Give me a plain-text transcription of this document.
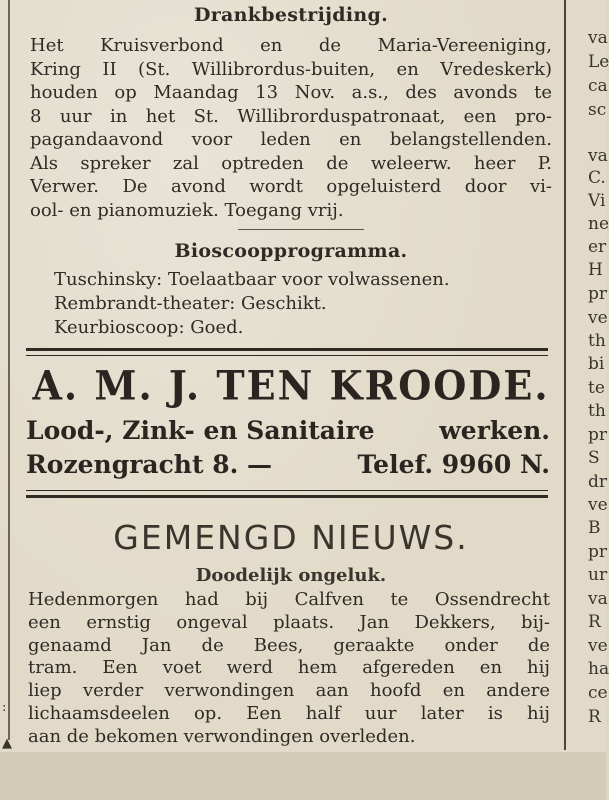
Drankbestrijding.
Het Kruisverbond en de Maria-Vereeniging,
Kring II (St. Willibrordus-buiten, en Vredeskerk)
houden op Maandag 13 Nov. a.s., des avonds te
8 uur in het St. Willibrorduspatronaat, een pro-
pagandaavond voor leden en belangstellenden.
Als spreker zal optreden de weleerw. heer P.
Verwer. De avond wordt opgeluisterd door vi-
ool- en pianomuziek. Toegang vrij.
Bioscoopprogramma.
Tuschinsky: Toelaatbaar voor volwassenen.
Rembrandt-theater: Geschikt.
Keurbioscoop: Goed.
A. M. J. TEN KROODE.
Lood-, Zink- en Sanitaire	werken.
Rozengracht 8. —	Telef. 9960 N.
GEMENGD NIEUWS.
Doodelijk ongeluk.
Hedenmorgen had bij Calfven te Ossendrecht
een ernstig ongeval plaats. Jan Dekkers, bij-
genaamd Jan de Bees, geraakte onder de
tram. Een voet werd hem afgereden en hij
liep verder verwondingen aan hoofd en andere
lichaamsdeelen op. Een half uur later is hij
aan de bekomen verwondingen overleden.
:
▲
va
Le
ca
sc
va
C.
Vi
ne
er
H
pr
ve
th
bi
te
th
pr
S
dr
ve
B
pr
ur
va
R
ve
ha
ce
R
